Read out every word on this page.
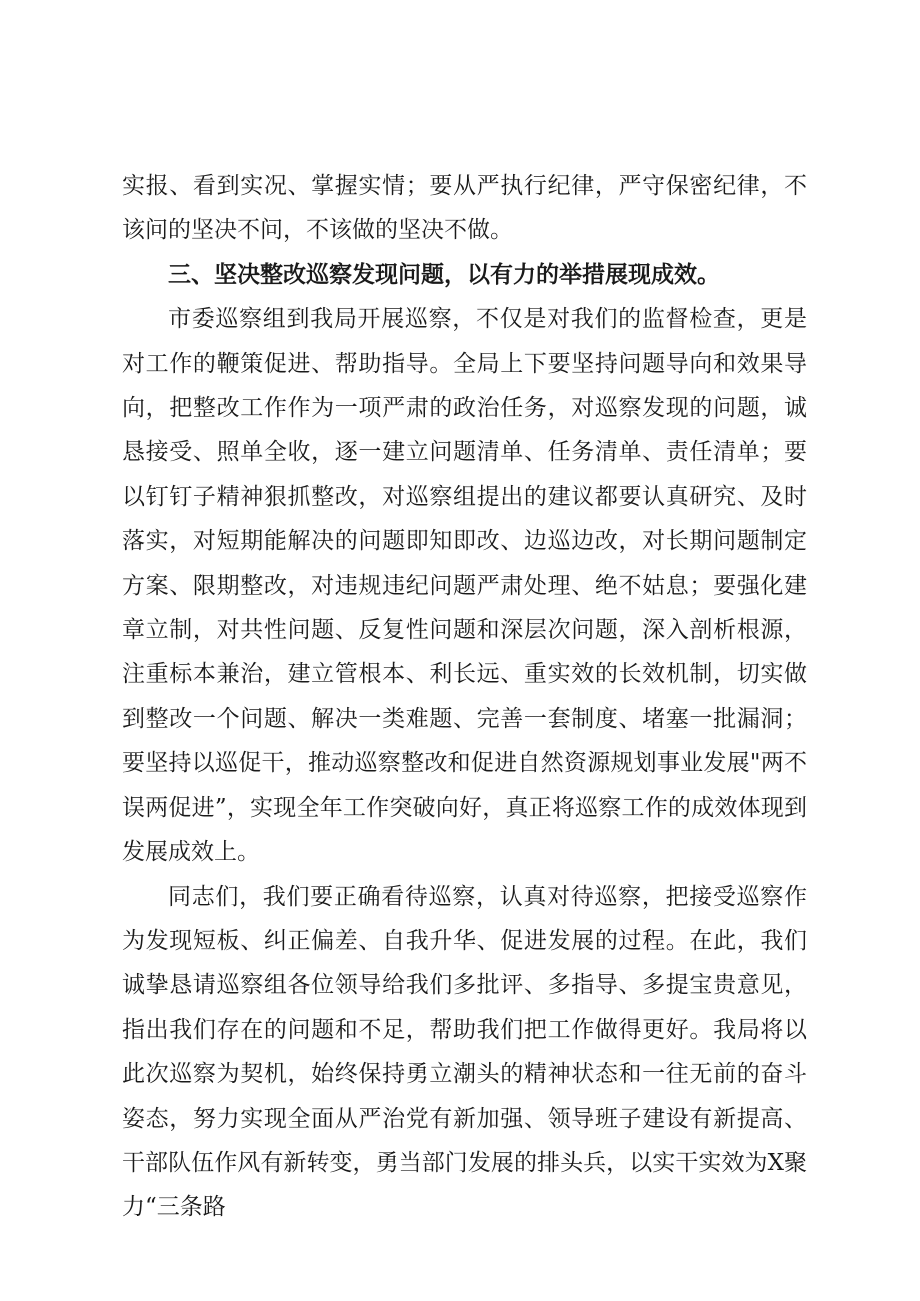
实报、看到实况、掌握实情；要从严执行纪律，严守保密纪律，不该问的坚决不问，不该做的坚决不做。

三、坚决整改巡察发现问题，以有力的举措展现成效。

市委巡察组到我局开展巡察，不仅是对我们的监督检查，更是对工作的鞭策促进、帮助指导。全局上下要坚持问题导向和效果导向，把整改工作作为一项严肃的政治任务，对巡察发现的问题，诚恳接受、照单全收，逐一建立问题清单、任务清单、责任清单；要以钉钉子精神狠抓整改，对巡察组提出的建议都要认真研究、及时落实，对短期能解决的问题即知即改、边巡边改，对长期问题制定方案、限期整改，对违规违纪问题严肃处理、绝不姑息；要强化建章立制，对共性问题、反复性问题和深层次问题，深入剖析根源，注重标本兼治，建立管根本、利长远、重实效的长效机制，切实做到整改一个问题、解决一类难题、完善一套制度、堵塞一批漏洞；要坚持以巡促干，推动巡察整改和促进自然资源规划事业发展"两不误两促进”，实现全年工作突破向好，真正将巡察工作的成效体现到发展成效上。

同志们，我们要正确看待巡察，认真对待巡察，把接受巡察作为发现短板、纠正偏差、自我升华、促进发展的过程。在此，我们诚挚恳请巡察组各位领导给我们多批评、多指导、多提宝贵意见，指出我们存在的问题和不足，帮助我们把工作做得更好。我局将以此次巡察为契机，始终保持勇立潮头的精神状态和一往无前的奋斗姿态，努力实现全面从严治党有新加强、领导班子建设有新提高、干部队伍作风有新转变，勇当部门发展的排头兵，以实干实效为X聚力“三条路
